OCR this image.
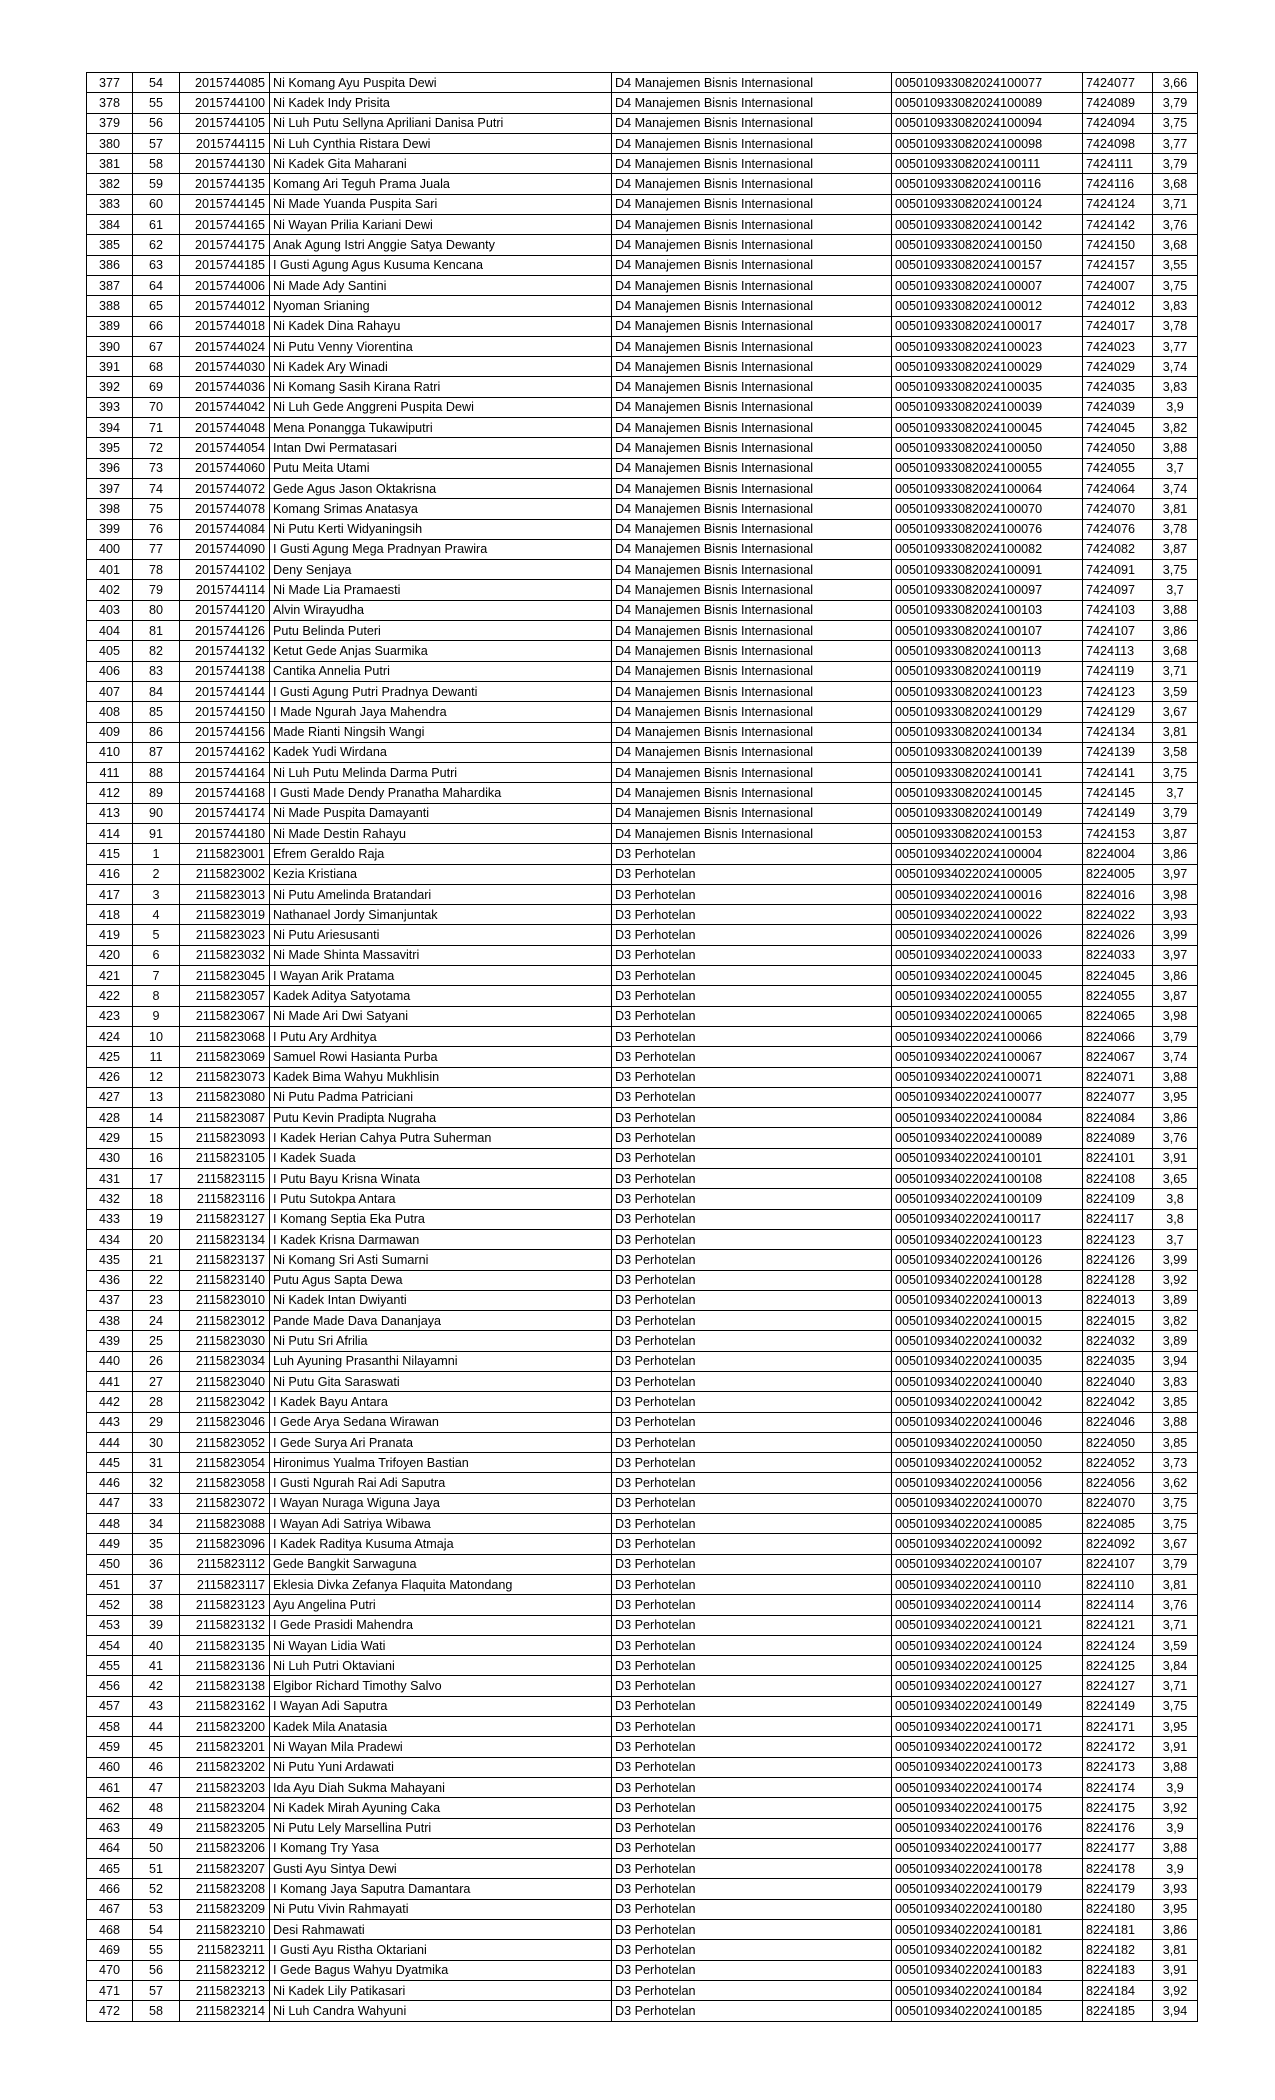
377	54	2015744085	Ni Komang Ayu Puspita Dewi	D4 Manajemen Bisnis Internasional	005010933082024100077	7424077	3,66
378	55	2015744100	Ni Kadek Indy Prisita	D4 Manajemen Bisnis Internasional	005010933082024100089	7424089	3,79
379	56	2015744105	Ni Luh Putu Sellyna Apriliani Danisa Putri	D4 Manajemen Bisnis Internasional	005010933082024100094	7424094	3,75
380	57	2015744115	Ni Luh Cynthia Ristara Dewi	D4 Manajemen Bisnis Internasional	005010933082024100098	7424098	3,77
381	58	2015744130	Ni Kadek Gita Maharani	D4 Manajemen Bisnis Internasional	005010933082024100111	7424111	3,79
382	59	2015744135	Komang Ari Teguh Prama Juala	D4 Manajemen Bisnis Internasional	005010933082024100116	7424116	3,68
383	60	2015744145	Ni Made Yuanda Puspita Sari	D4 Manajemen Bisnis Internasional	005010933082024100124	7424124	3,71
384	61	2015744165	Ni Wayan Prilia Kariani Dewi	D4 Manajemen Bisnis Internasional	005010933082024100142	7424142	3,76
385	62	2015744175	Anak Agung Istri Anggie Satya Dewanty	D4 Manajemen Bisnis Internasional	005010933082024100150	7424150	3,68
386	63	2015744185	I Gusti Agung Agus Kusuma Kencana	D4 Manajemen Bisnis Internasional	005010933082024100157	7424157	3,55
387	64	2015744006	Ni Made Ady Santini	D4 Manajemen Bisnis Internasional	005010933082024100007	7424007	3,75
388	65	2015744012	Nyoman Srianing	D4 Manajemen Bisnis Internasional	005010933082024100012	7424012	3,83
389	66	2015744018	Ni Kadek Dina Rahayu	D4 Manajemen Bisnis Internasional	005010933082024100017	7424017	3,78
390	67	2015744024	Ni Putu Venny Viorentina	D4 Manajemen Bisnis Internasional	005010933082024100023	7424023	3,77
391	68	2015744030	Ni Kadek Ary Winadi	D4 Manajemen Bisnis Internasional	005010933082024100029	7424029	3,74
392	69	2015744036	Ni Komang Sasih Kirana Ratri	D4 Manajemen Bisnis Internasional	005010933082024100035	7424035	3,83
393	70	2015744042	Ni Luh Gede Anggreni Puspita Dewi	D4 Manajemen Bisnis Internasional	005010933082024100039	7424039	3,9
394	71	2015744048	Mena Ponangga Tukawiputri	D4 Manajemen Bisnis Internasional	005010933082024100045	7424045	3,82
395	72	2015744054	Intan Dwi Permatasari	D4 Manajemen Bisnis Internasional	005010933082024100050	7424050	3,88
396	73	2015744060	Putu Meita Utami	D4 Manajemen Bisnis Internasional	005010933082024100055	7424055	3,7
397	74	2015744072	Gede Agus Jason Oktakrisna	D4 Manajemen Bisnis Internasional	005010933082024100064	7424064	3,74
398	75	2015744078	Komang Srimas Anatasya	D4 Manajemen Bisnis Internasional	005010933082024100070	7424070	3,81
399	76	2015744084	Ni Putu Kerti Widyaningsih	D4 Manajemen Bisnis Internasional	005010933082024100076	7424076	3,78
400	77	2015744090	I Gusti Agung Mega Pradnyan Prawira	D4 Manajemen Bisnis Internasional	005010933082024100082	7424082	3,87
401	78	2015744102	Deny Senjaya	D4 Manajemen Bisnis Internasional	005010933082024100091	7424091	3,75
402	79	2015744114	Ni Made Lia Pramaesti	D4 Manajemen Bisnis Internasional	005010933082024100097	7424097	3,7
403	80	2015744120	Alvin Wirayudha	D4 Manajemen Bisnis Internasional	005010933082024100103	7424103	3,88
404	81	2015744126	Putu Belinda Puteri	D4 Manajemen Bisnis Internasional	005010933082024100107	7424107	3,86
405	82	2015744132	Ketut Gede Anjas Suarmika	D4 Manajemen Bisnis Internasional	005010933082024100113	7424113	3,68
406	83	2015744138	Cantika Annelia Putri	D4 Manajemen Bisnis Internasional	005010933082024100119	7424119	3,71
407	84	2015744144	I Gusti Agung Putri Pradnya Dewanti	D4 Manajemen Bisnis Internasional	005010933082024100123	7424123	3,59
408	85	2015744150	I Made Ngurah Jaya Mahendra	D4 Manajemen Bisnis Internasional	005010933082024100129	7424129	3,67
409	86	2015744156	Made Rianti Ningsih Wangi	D4 Manajemen Bisnis Internasional	005010933082024100134	7424134	3,81
410	87	2015744162	Kadek Yudi Wirdana	D4 Manajemen Bisnis Internasional	005010933082024100139	7424139	3,58
411	88	2015744164	Ni Luh Putu Melinda Darma Putri	D4 Manajemen Bisnis Internasional	005010933082024100141	7424141	3,75
412	89	2015744168	I Gusti Made Dendy Pranatha Mahardika	D4 Manajemen Bisnis Internasional	005010933082024100145	7424145	3,7
413	90	2015744174	Ni Made Puspita Damayanti	D4 Manajemen Bisnis Internasional	005010933082024100149	7424149	3,79
414	91	2015744180	Ni Made Destin Rahayu	D4 Manajemen Bisnis Internasional	005010933082024100153	7424153	3,87
415	1	2115823001	Efrem Geraldo Raja	D3 Perhotelan	005010934022024100004	8224004	3,86
416	2	2115823002	Kezia Kristiana	D3 Perhotelan	005010934022024100005	8224005	3,97
417	3	2115823013	Ni Putu Amelinda Bratandari	D3 Perhotelan	005010934022024100016	8224016	3,98
418	4	2115823019	Nathanael Jordy Simanjuntak	D3 Perhotelan	005010934022024100022	8224022	3,93
419	5	2115823023	Ni Putu Ariesusanti	D3 Perhotelan	005010934022024100026	8224026	3,99
420	6	2115823032	Ni Made Shinta Massavitri	D3 Perhotelan	005010934022024100033	8224033	3,97
421	7	2115823045	I Wayan Arik Pratama	D3 Perhotelan	005010934022024100045	8224045	3,86
422	8	2115823057	Kadek Aditya Satyotama	D3 Perhotelan	005010934022024100055	8224055	3,87
423	9	2115823067	Ni Made Ari Dwi Satyani	D3 Perhotelan	005010934022024100065	8224065	3,98
424	10	2115823068	I Putu Ary Ardhitya	D3 Perhotelan	005010934022024100066	8224066	3,79
425	11	2115823069	Samuel Rowi Hasianta Purba	D3 Perhotelan	005010934022024100067	8224067	3,74
426	12	2115823073	Kadek Bima Wahyu Mukhlisin	D3 Perhotelan	005010934022024100071	8224071	3,88
427	13	2115823080	Ni Putu Padma Patriciani	D3 Perhotelan	005010934022024100077	8224077	3,95
428	14	2115823087	Putu Kevin Pradipta Nugraha	D3 Perhotelan	005010934022024100084	8224084	3,86
429	15	2115823093	I Kadek Herian Cahya Putra Suherman	D3 Perhotelan	005010934022024100089	8224089	3,76
430	16	2115823105	I Kadek Suada	D3 Perhotelan	005010934022024100101	8224101	3,91
431	17	2115823115	I Putu Bayu Krisna Winata	D3 Perhotelan	005010934022024100108	8224108	3,65
432	18	2115823116	I Putu Sutokpa Antara	D3 Perhotelan	005010934022024100109	8224109	3,8
433	19	2115823127	I Komang Septia Eka Putra	D3 Perhotelan	005010934022024100117	8224117	3,8
434	20	2115823134	I Kadek Krisna Darmawan	D3 Perhotelan	005010934022024100123	8224123	3,7
435	21	2115823137	Ni Komang Sri Asti Sumarni	D3 Perhotelan	005010934022024100126	8224126	3,99
436	22	2115823140	Putu Agus Sapta Dewa	D3 Perhotelan	005010934022024100128	8224128	3,92
437	23	2115823010	Ni Kadek Intan Dwiyanti	D3 Perhotelan	005010934022024100013	8224013	3,89
438	24	2115823012	Pande Made Dava Dananjaya	D3 Perhotelan	005010934022024100015	8224015	3,82
439	25	2115823030	Ni Putu Sri Afrilia	D3 Perhotelan	005010934022024100032	8224032	3,89
440	26	2115823034	Luh Ayuning Prasanthi Nilayamni	D3 Perhotelan	005010934022024100035	8224035	3,94
441	27	2115823040	Ni Putu Gita Saraswati	D3 Perhotelan	005010934022024100040	8224040	3,83
442	28	2115823042	I Kadek Bayu Antara	D3 Perhotelan	005010934022024100042	8224042	3,85
443	29	2115823046	I Gede Arya Sedana Wirawan	D3 Perhotelan	005010934022024100046	8224046	3,88
444	30	2115823052	I Gede Surya Ari Pranata	D3 Perhotelan	005010934022024100050	8224050	3,85
445	31	2115823054	Hironimus Yualma Trifoyen Bastian	D3 Perhotelan	005010934022024100052	8224052	3,73
446	32	2115823058	I Gusti Ngurah Rai Adi Saputra	D3 Perhotelan	005010934022024100056	8224056	3,62
447	33	2115823072	I Wayan Nuraga Wiguna Jaya	D3 Perhotelan	005010934022024100070	8224070	3,75
448	34	2115823088	I Wayan Adi Satriya Wibawa	D3 Perhotelan	005010934022024100085	8224085	3,75
449	35	2115823096	I Kadek Raditya Kusuma Atmaja	D3 Perhotelan	005010934022024100092	8224092	3,67
450	36	2115823112	Gede Bangkit Sarwaguna	D3 Perhotelan	005010934022024100107	8224107	3,79
451	37	2115823117	Eklesia Divka Zefanya Flaquita Matondang	D3 Perhotelan	005010934022024100110	8224110	3,81
452	38	2115823123	Ayu Angelina Putri	D3 Perhotelan	005010934022024100114	8224114	3,76
453	39	2115823132	I Gede Prasidi Mahendra	D3 Perhotelan	005010934022024100121	8224121	3,71
454	40	2115823135	Ni Wayan Lidia Wati	D3 Perhotelan	005010934022024100124	8224124	3,59
455	41	2115823136	Ni Luh Putri Oktaviani	D3 Perhotelan	005010934022024100125	8224125	3,84
456	42	2115823138	Elgibor Richard Timothy Salvo	D3 Perhotelan	005010934022024100127	8224127	3,71
457	43	2115823162	I Wayan Adi Saputra	D3 Perhotelan	005010934022024100149	8224149	3,75
458	44	2115823200	Kadek Mila Anatasia	D3 Perhotelan	005010934022024100171	8224171	3,95
459	45	2115823201	Ni Wayan Mila Pradewi	D3 Perhotelan	005010934022024100172	8224172	3,91
460	46	2115823202	Ni Putu Yuni Ardawati	D3 Perhotelan	005010934022024100173	8224173	3,88
461	47	2115823203	Ida Ayu Diah Sukma Mahayani	D3 Perhotelan	005010934022024100174	8224174	3,9
462	48	2115823204	Ni Kadek Mirah Ayuning Caka	D3 Perhotelan	005010934022024100175	8224175	3,92
463	49	2115823205	Ni Putu Lely Marsellina Putri	D3 Perhotelan	005010934022024100176	8224176	3,9
464	50	2115823206	I Komang Try Yasa	D3 Perhotelan	005010934022024100177	8224177	3,88
465	51	2115823207	Gusti Ayu Sintya Dewi	D3 Perhotelan	005010934022024100178	8224178	3,9
466	52	2115823208	I Komang Jaya Saputra Damantara	D3 Perhotelan	005010934022024100179	8224179	3,93
467	53	2115823209	Ni Putu Vivin Rahmayati	D3 Perhotelan	005010934022024100180	8224180	3,95
468	54	2115823210	Desi Rahmawati	D3 Perhotelan	005010934022024100181	8224181	3,86
469	55	2115823211	I Gusti Ayu Ristha Oktariani	D3 Perhotelan	005010934022024100182	8224182	3,81
470	56	2115823212	I Gede Bagus Wahyu Dyatmika	D3 Perhotelan	005010934022024100183	8224183	3,91
471	57	2115823213	Ni Kadek Lily Patikasari	D3 Perhotelan	005010934022024100184	8224184	3,92
472	58	2115823214	Ni Luh Candra Wahyuni	D3 Perhotelan	005010934022024100185	8224185	3,94
